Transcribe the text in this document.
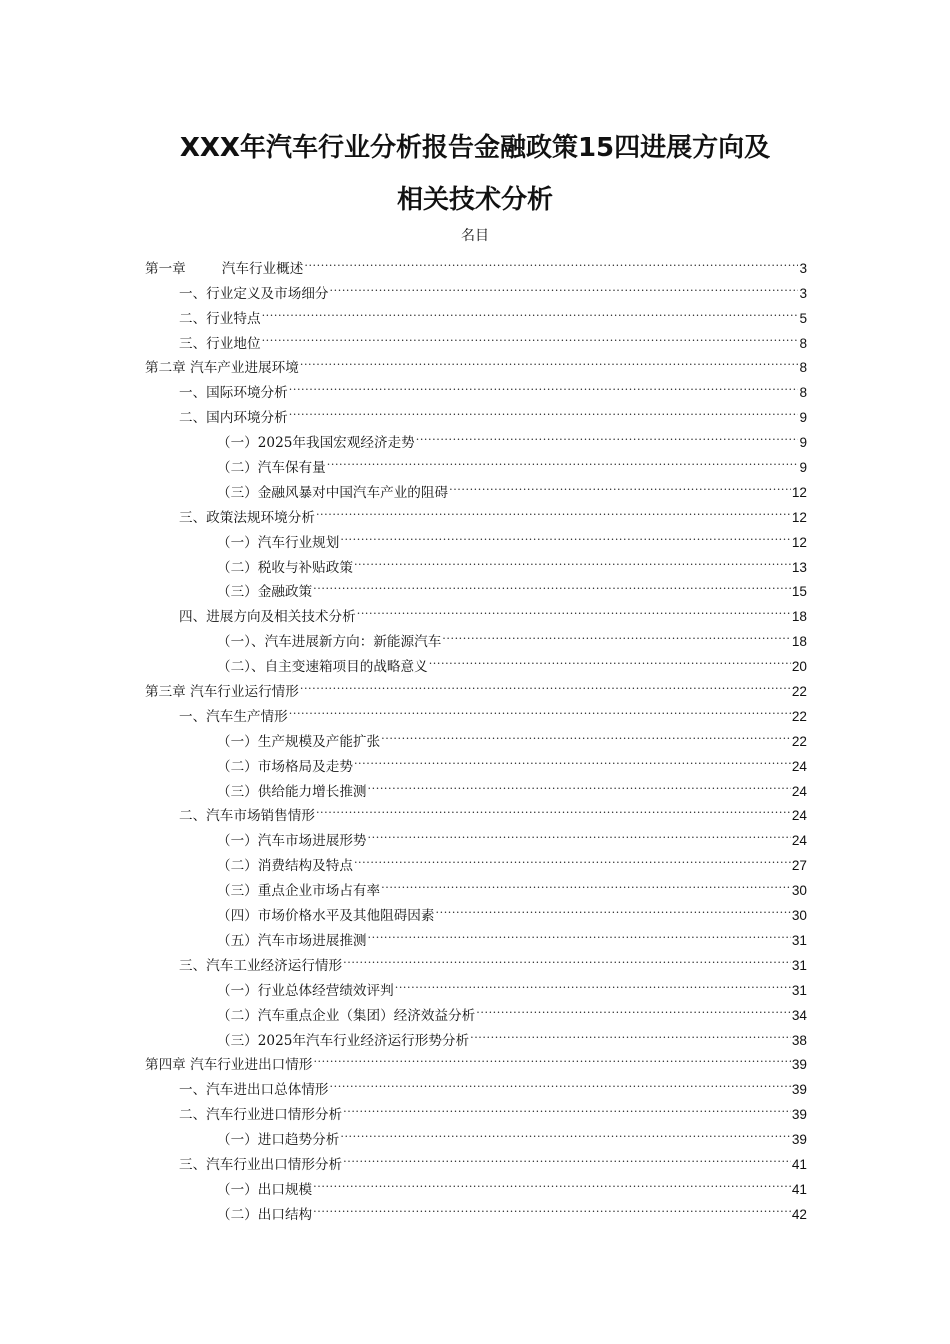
XXX年汽车行业分析报告金融政策15四进展方向及
相关技术分析
名目
第一章	汽车行业概述 .....	3
一、行业定义及市场细分 .....	3
二、行业特点 .....	5
三、行业地位 .....	8
第二章 汽车产业进展环境 .....	8
一、国际环境分析 .....	8
二、国内环境分析 .....	9
（一）2025年我国宏观经济走势 .....	9
（二）汽车保有量 .....	9
（三）金融风暴对中国汽车产业的阻碍 .....	12
三、政策法规环境分析 .....	12
（一）汽车行业规划 .....	12
（二）税收与补贴政策 .....	13
（三）金融政策 .....	15
四、进展方向及相关技术分析 .....	18
（一）、汽车进展新方向：新能源汽车 .....	18
（二）、自主变速箱项目的战略意义 .....	20
第三章 汽车行业运行情形 .....	22
一、汽车生产情形 .....	22
（一）生产规模及产能扩张 .....	22
（二）市场格局及走势 .....	24
（三）供给能力增长推测 .....	24
二、汽车市场销售情形 .....	24
（一）汽车市场进展形势 .....	24
（二）消费结构及特点 .....	27
（三）重点企业市场占有率 .....	30
（四）市场价格水平及其他阻碍因素 .....	30
（五）汽车市场进展推测 .....	31
三、汽车工业经济运行情形 .....	31
（一）行业总体经营绩效评判 .....	31
（二）汽车重点企业（集团）经济效益分析 .....	34
（三）2025年汽车行业经济运行形势分析 .....	38
第四章 汽车行业进出口情形 .....	39
一、汽车进出口总体情形 .....	39
二、汽车行业进口情形分析 .....	39
（一）进口趋势分析 .....	39
三、汽车行业出口情形分析 .....	41
（一）出口规模 .....	41
（二）出口结构 .....	42
